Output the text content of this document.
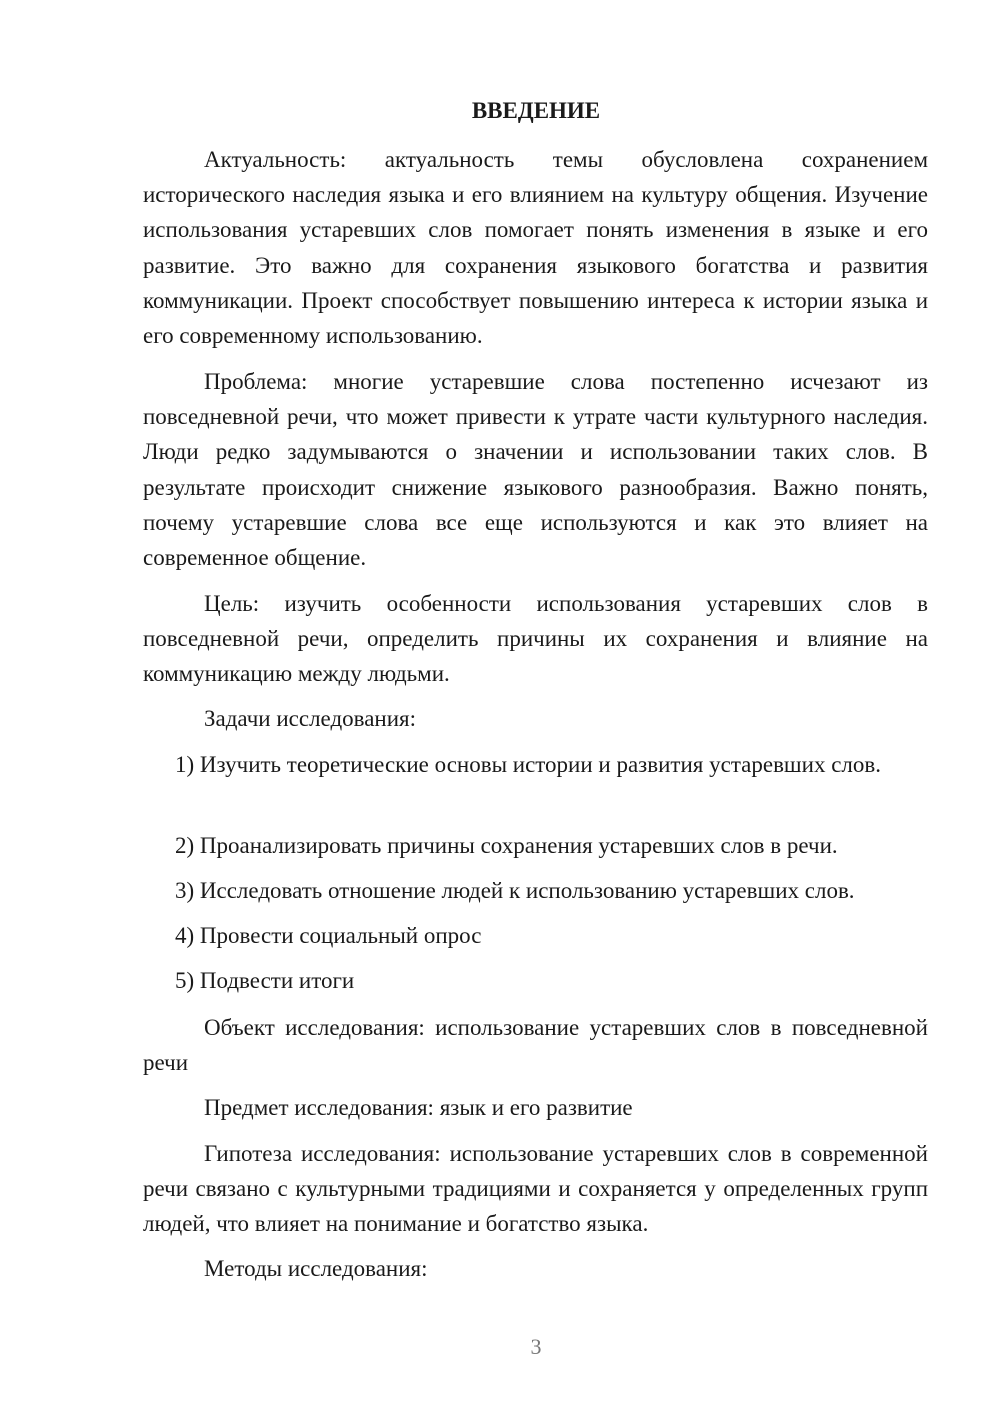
ВВЕДЕНИЕ

Актуальность: актуальность темы обусловлена сохранением исторического наследия языка и его влиянием на культуру общения. Изучение использования устаревших слов помогает понять изменения в языке и его развитие. Это важно для сохранения языкового богатства и развития коммуникации. Проект способствует повышению интереса к истории языка и его современному использованию.

Проблема: многие устаревшие слова постепенно исчезают из повседневной речи, что может привести к утрате части культурного наследия. Люди редко задумываются о значении и использовании таких слов. В результате происходит снижение языкового разнообразия. Важно понять, почему устаревшие слова все еще используются и как это влияет на современное общение.

Цель: изучить особенности использования устаревших слов в повседневной речи, определить причины их сохранения и влияние на коммуникацию между людьми.

Задачи исследования:

1) Изучить теоретические основы истории и развития устаревших слов.

2) Проанализировать причины сохранения устаревших слов в речи.

3) Исследовать отношение людей к использованию устаревших слов.

4) Провести социальный опрос

5) Подвести итоги

Объект исследования: использование устаревших слов в повседневной речи

Предмет исследования: язык и его развитие

Гипотеза исследования: использование устаревших слов в современной речи связано с культурными традициями и сохраняется у определенных групп людей, что влияет на понимание и богатство языка.

Методы исследования:

3
